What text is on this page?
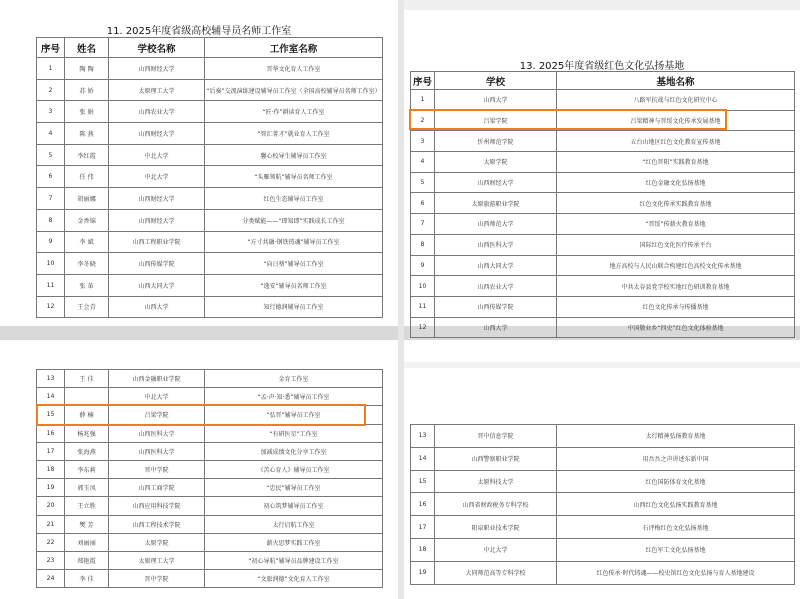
11. 2025年度省级高校辅导员名师工作室
序号	姓名	学校名称	工作室名称
1	陶 陶	山西财经大学	晋华文化育人工作室
2	苏 娇	太原理工大学	“后奏”交流演练建设辅导员工作室（全国高校辅导员名师工作室）
3	张 娟	山西农业大学	“匠·作”耕读育人工作室
4	陈 燕	山西财经大学	“智汇菁才”就业育人工作室
5	李红霞	中北大学	馨心校导生辅导员工作室
6	任 伟	中北大学	“头雁领航”辅导员名师工作室
7	胡丽娜	山西财经大学	红色生态辅导员工作室
8	金香锦	山西财经大学	分类赋能——“即知即”实践成长工作室
9	李 斌	山西工程职业学院	“方寸共融·钢铁铸魂”辅导员工作室
10	李冬晓	山西传媒学院	“向日葵”辅导员工作室
11	张 革	山西大同大学	“逸安”辅导员名师工作室
12	王会青	山西大学	知行德润辅导员工作室
13. 2025年度省级红色文化弘扬基地
序号	学校	基地名称
1	山西大学	八路军抗战与红色文化研究中心
2	吕梁学院	吕梁精神与晋绥文化传承发展基地
3	忻州师范学院	五台山地区红色文化教育宣传基地
4	太原学院	“红色晋阳”实践教育基地
5	山西财经大学	红色金融文化弘扬基地
6	太原旅游职业学院	红色文化传承实践教育基地
7	山西师范大学	“晋绥”传薪火教育基地
8	山西医科大学	国际红色文化医疗传承平台
9	山西大同大学	地方高校与人民山联合构建红色高校文化传承基地
10	山西农业大学	中共太谷县党学校实地红色研训教育基地
11	山西传媒学院	红色文化传承与传播基地
12	山西大学	中国敬业乡“四史”红色文化体验基地
13	王 佳	山西金融职业学院	金育工作室
14		中北大学	“孟·声·知·悉”辅导员工作室
15	薛 楠	吕梁学院	“弘晋”辅导员工作室
16	杨兆强	山西医科大学	“有研医星”工作室
17	张海燕	山西医科大学	加减成绩文化分享工作室
18	李东莉	晋中学院	《苦心育人》辅导员工作室
19	郭玉凤	山西工商学院	“忠民”辅导员工作室
20	王立胜	山西应用科技学院	初心筑梦辅导员工作室
21	樊 芳	山西工程技术学院	太行启航工作室
22	刘丽丽	太原学院	薪火思梦实践工作室
23	郑艳霞	太原理工大学	“初心导航”辅导员品牌建设工作室
24	李 佳	晋中学院	“文旅润德”文化育人工作室
13	晋中信息学院	太行精神弘扬教育基地
14	山西警察职业学院	用吾吾之声讲述东新中国
15	太原科技大学	红色国防体育文化基地
16	山西省财政税务专科学校	山西红色文化弘扬实践教育基地
17	阳泉职业技术学院	石评梅红色文化弘扬基地
18	中北大学	红色军工文化弘扬基地
19	大同师范高等专科学校	红色传承·时代铸魂——校史馆红色文化弘扬与育人基地建设
